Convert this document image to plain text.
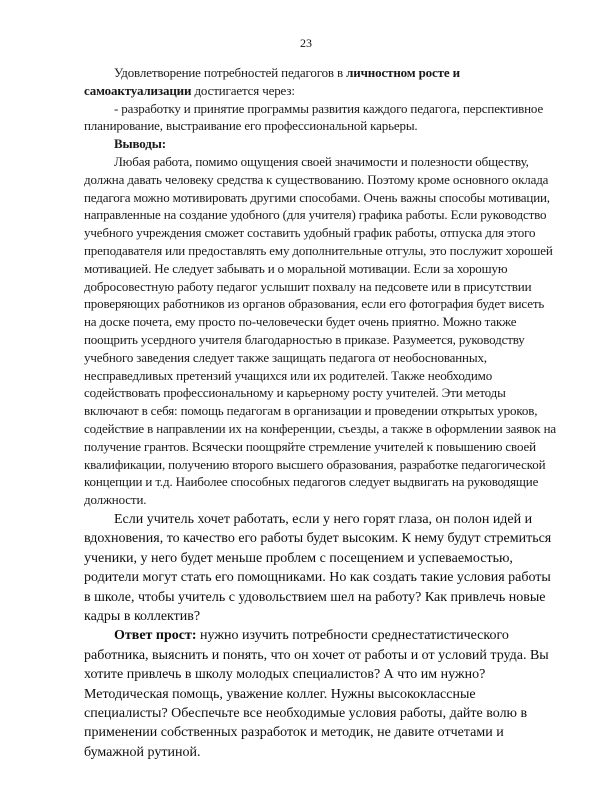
23

Удовлетворение потребностей педагогов в личностном росте и самоактуализации достигается через:

- разработку и принятие программы развития каждого педагога, перспективное планирование, выстраивание его профессиональной карьеры.

Выводы:

Любая работа, помимо ощущения своей значимости и полезности обществу, должна давать человеку средства к существованию. Поэтому кроме основного оклада педагога можно мотивировать другими способами. Очень важны способы мотивации, направленные на создание удобного (для учителя) графика работы. Если руководство учебного учреждения сможет составить удобный график работы, отпуска для этого преподавателя или предоставлять ему дополнительные отгулы, это послужит хорошей мотивацией. Не следует забывать и о моральной мотивации. Если за хорошую добросовестную работу педагог услышит похвалу на педсовете или в присутствии проверяющих работников из органов образования, если его фотография будет висеть на доске почета, ему просто по-человечески будет очень приятно. Можно также поощрить усердного учителя благодарностью в приказе. Разумеется, руководству учебного заведения следует также защищать педагога от необоснованных, несправедливых претензий учащихся или их родителей. Также необходимо содействовать профессиональному и карьерному росту учителей. Эти методы включают в себя: помощь педагогам в организации и проведении открытых уроков, содействие в направлении их на конференции, съезды, а также в оформлении заявок на получение грантов. Всячески поощряйте стремление учителей к повышению своей квалификации, получению второго высшего образования, разработке педагогической концепции и т.д. Наиболее способных педагогов следует выдвигать на руководящие должности.

Если учитель хочет работать, если у него горят глаза, он полон идей и вдохновения, то качество его работы будет высоким. К нему будут стремиться ученики, у него будет меньше проблем с посещением и успеваемостью, родители могут стать его помощниками. Но как создать такие условия работы в школе, чтобы учитель с удовольствием шел на работу? Как привлечь новые кадры в коллектив?

Ответ прост: нужно изучить потребности среднестатистического работника, выяснить и понять, что он хочет от работы и от условий труда. Вы хотите привлечь в школу молодых специалистов? А что им нужно? Методическая помощь, уважение коллег. Нужны высококлассные специалисты? Обеспечьте все необходимые условия работы, дайте волю в применении собственных разработок и методик, не давите отчетами и бумажной рутиной.
